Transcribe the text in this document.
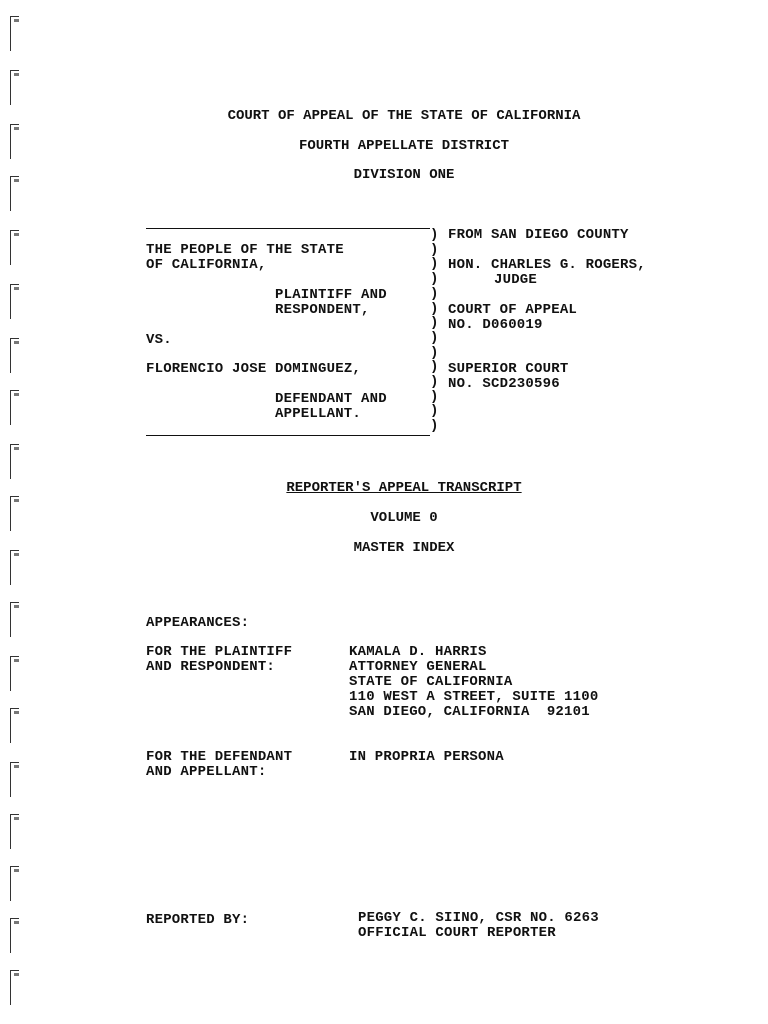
COURT OF APPEAL OF THE STATE OF CALIFORNIA
FOURTH APPELLATE DISTRICT
DIVISION ONE
)
)
)
)
)
)
)
)
)
)
)
)
)
)
THE PEOPLE OF THE STATE
OF CALIFORNIA,
PLAINTIFF AND
RESPONDENT,
VS.
FLORENCIO JOSE DOMINGUEZ,
DEFENDANT AND
APPELLANT.
FROM SAN DIEGO COUNTY
HON. CHARLES G. ROGERS,
JUDGE
COURT OF APPEAL
NO. D060019
SUPERIOR COURT
NO. SCD230596
REPORTER'S APPEAL TRANSCRIPT
VOLUME 0
MASTER INDEX
APPEARANCES:
FOR THE PLAINTIFF
AND RESPONDENT:
KAMALA D. HARRIS
ATTORNEY GENERAL
STATE OF CALIFORNIA
110 WEST A STREET, SUITE 1100
SAN DIEGO, CALIFORNIA  92101
FOR THE DEFENDANT
AND APPELLANT:
IN PROPRIA PERSONA
REPORTED BY:	PEGGY C. SIINO, CSR NO. 6263
OFFICIAL COURT REPORTER
